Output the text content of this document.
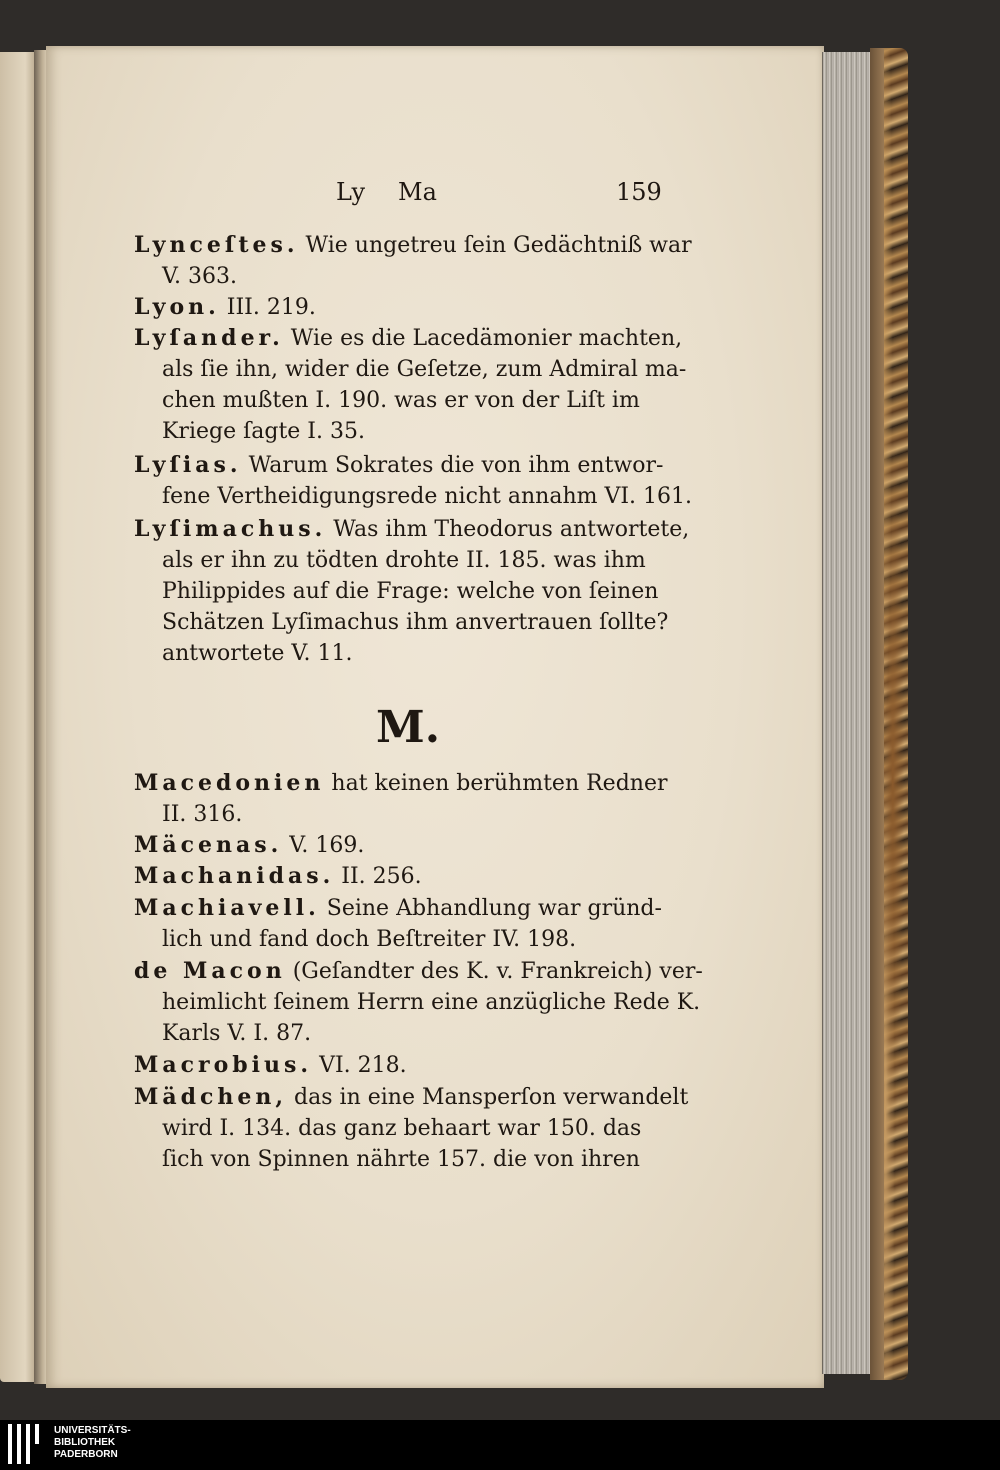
Ly Ma	159
Lynceſtes. Wie ungetreu ſein Gedächtniß war
V. 363.
Lyon. III. 219.
Lyſander. Wie es die Lacedämonier machten,
als ſie ihn, wider die Geſetze, zum Admiral ma-
chen mußten I. 190. was er von der Liſt im
Kriege ſagte I. 35.
Lyſias. Warum Sokrates die von ihm entwor-
fene Vertheidigungsrede nicht annahm VI. 161.
Lyſimachus. Was ihm Theodorus antwortete,
als er ihn zu tödten drohte II. 185. was ihm
Philippides auf die Frage: welche von ſeinen
Schätzen Lyſimachus ihm anvertrauen ſollte?
antwortete V. 11.
M.
Macedonien hat keinen berühmten Redner
II. 316.
Mäcenas. V. 169.
Machanidas. II. 256.
Machiavell. Seine Abhandlung war gründ-
lich und fand doch Beſtreiter IV. 198.
de Macon (Geſandter des K. v. Frankreich) ver-
heimlicht ſeinem Herrn eine anzügliche Rede K.
Karls V. I. 87.
Macrobius. VI. 218.
Mädchen, das in eine Mansperſon verwandelt
wird I. 134. das ganz behaart war 150. das
ſich von Spinnen nährte 157. die von ihren
UNIVERSITÄTS-
BIBLIOTHEK
PADERBORN
